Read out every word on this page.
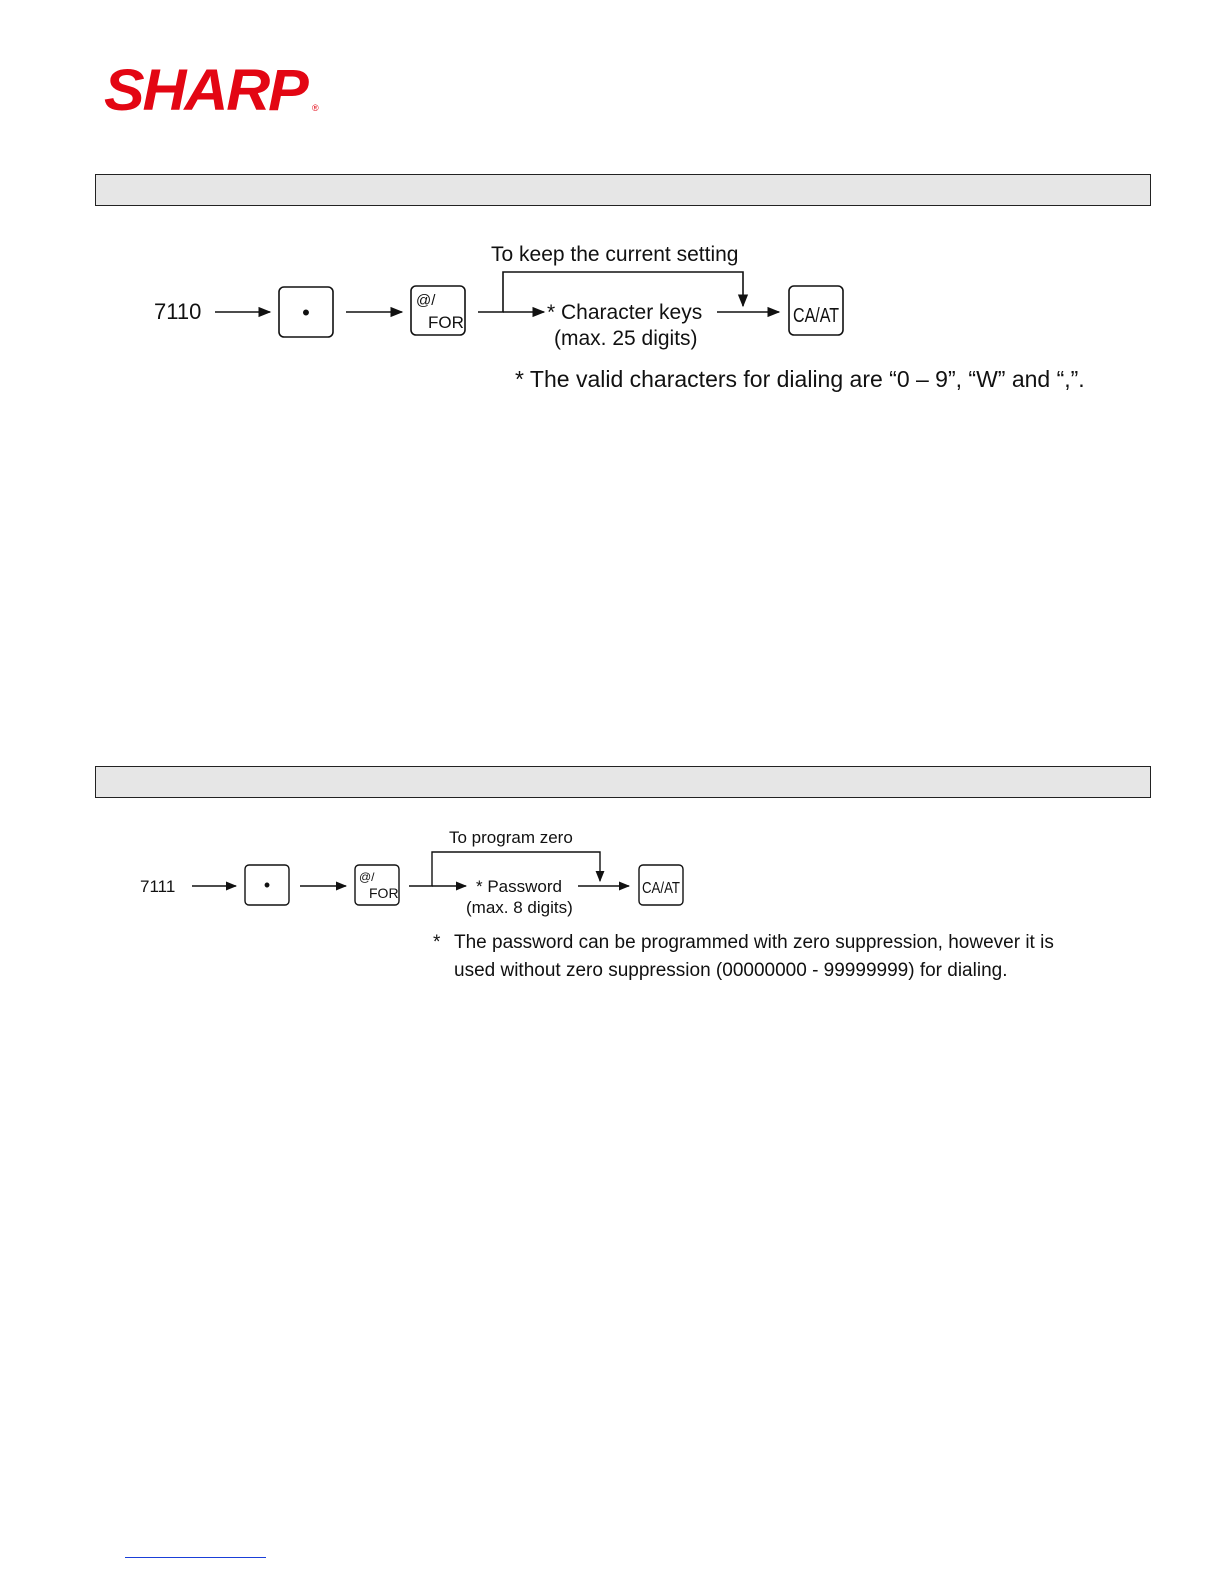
SHARP ®
7110	•	@/
FOR
To keep the current setting
* Character keys
(max. 25 digits)
CA/AT
* The valid characters for dialing are “0 – 9”, “W” and “,”.
7111	•	@/
FOR
To program zero
* Password
(max. 8 digits)
CA/AT
* The password can be programmed with zero suppression, however it is
used without zero suppression (00000000 - 99999999) for dialing.
